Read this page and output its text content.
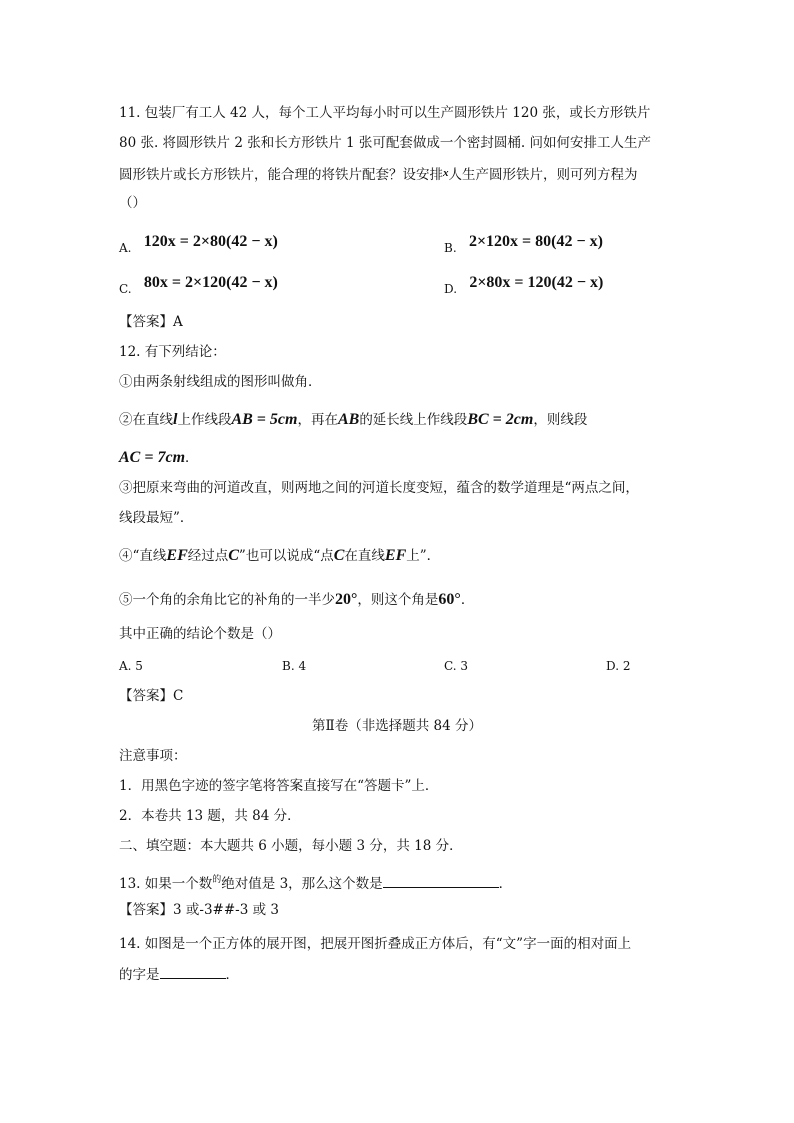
11. 包装厂有工人 42 人，每个工人平均每小时可以生产圆形铁片 120 张，或长方形铁片
80 张. 将圆形铁片 2 张和长方形铁片 1 张可配套做成一个密封圆桶. 问如何安排工人生产
圆形铁片或长方形铁片，能合理的将铁片配套？设安排$^x$人生产圆形铁片，则可列方程为
（）
A. 120x = 2×80(42 − x)	B. 2×120x = 80(42 − x)
C. 80x = 2×120(42 − x)	D. 2×80x = 120(42 − x)
【答案】A
12. 有下列结论：
①由两条射线组成的图形叫做角．
②在直线l上作线段AB = 5cm，再在AB的延长线上作线段BC = 2cm，则线段
AC = 7cm．
③把原来弯曲的河道改直，则两地之间的河道长度变短，蕴含的数学道理是“两点之间，
线段最短”．
④“直线EF经过点C”也可以说成“点C在直线EF上”．
⑤一个角的余角比它的补角的一半少20°，则这个角是60°．
其中正确的结论个数是（）
A. 5	B. 4	C. 3	D. 2
【答案】C
第Ⅱ卷（非选择题共 84 分）
注意事项：
1．用黑色字迹的签字笔将答案直接写在“答题卡”上．
2．本卷共 13 题，共 84 分．
二、填空题：本大题共 6 小题，每小题 3 分，共 18 分．
13. 如果一个数$^的$绝对值是 3，那么这个数是	．
【答案】3 或-3##-3 或 3
14. 如图是一个正方体的展开图，把展开图折叠成正方体后，有“文”字一面的相对面上
的字是	．
